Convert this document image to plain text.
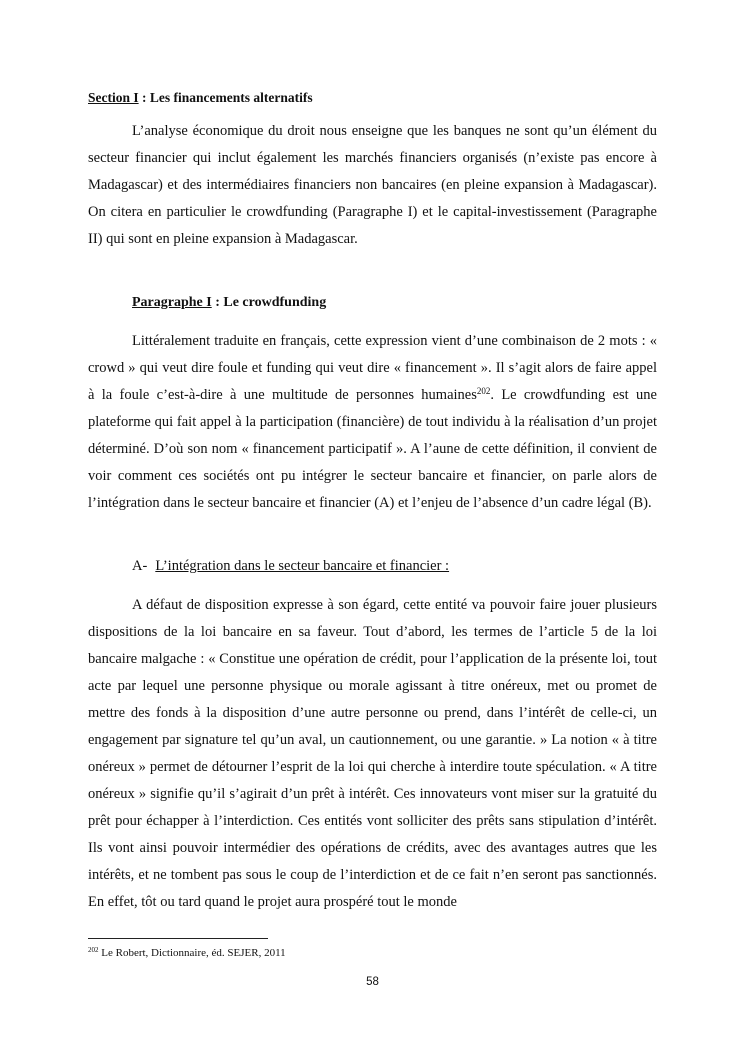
Section I : Les financements alternatifs

L’analyse économique du droit nous enseigne que les banques ne sont qu’un élément du secteur financier qui inclut également les marchés financiers organisés (n’existe pas encore à Madagascar) et des intermédiaires financiers non bancaires (en pleine expansion à Madagascar). On citera en particulier le crowdfunding (Paragraphe I) et le capital-investissement (Paragraphe II) qui sont en pleine expansion à Madagascar.

Paragraphe I : Le crowdfunding

Littéralement traduite en français, cette expression vient d’une combinaison de 2 mots : « crowd » qui veut dire foule et funding qui veut dire « financement ». Il s’agit alors de faire appel à la foule c’est-à-dire à une multitude de personnes humaines$^{202}$. Le crowdfunding est une plateforme qui fait appel à la participation (financière) de tout individu à la réalisation d’un projet déterminé. D’où son nom « financement participatif ». A l’aune de cette définition, il convient de voir comment ces sociétés ont pu intégrer le secteur bancaire et financier, on parle alors de l’intégration dans le secteur bancaire et financier (A) et l’enjeu de l’absence d’un cadre légal (B).

A- L’intégration dans le secteur bancaire et financier :

A défaut de disposition expresse à son égard, cette entité va pouvoir faire jouer plusieurs dispositions de la loi bancaire en sa faveur. Tout d’abord, les termes de l’article 5 de la loi bancaire malgache : « Constitue une opération de crédit, pour l’application de la présente loi, tout acte par lequel une personne physique ou morale agissant à titre onéreux, met ou promet de mettre des fonds à la disposition d’une autre personne ou prend, dans l’intérêt de celle-ci, un engagement par signature tel qu’un aval, un cautionnement, ou une garantie. » La notion « à titre onéreux » permet de détourner l’esprit de la loi qui cherche à interdire toute spéculation. « A titre onéreux » signifie qu’il s’agirait d’un prêt à intérêt. Ces innovateurs vont miser sur la gratuité du prêt pour échapper à l’interdiction. Ces entités vont solliciter des prêts sans stipulation d’intérêt. Ils vont ainsi pouvoir intermédier des opérations de crédits, avec des avantages autres que les intérêts, et ne tombent pas sous le coup de l’interdiction et de ce fait n’en seront pas sanctionnés. En effet, tôt ou tard quand le projet aura prospéré tout le monde

$^{202}$ Le Robert, Dictionnaire, éd. SEJER, 2011

58
